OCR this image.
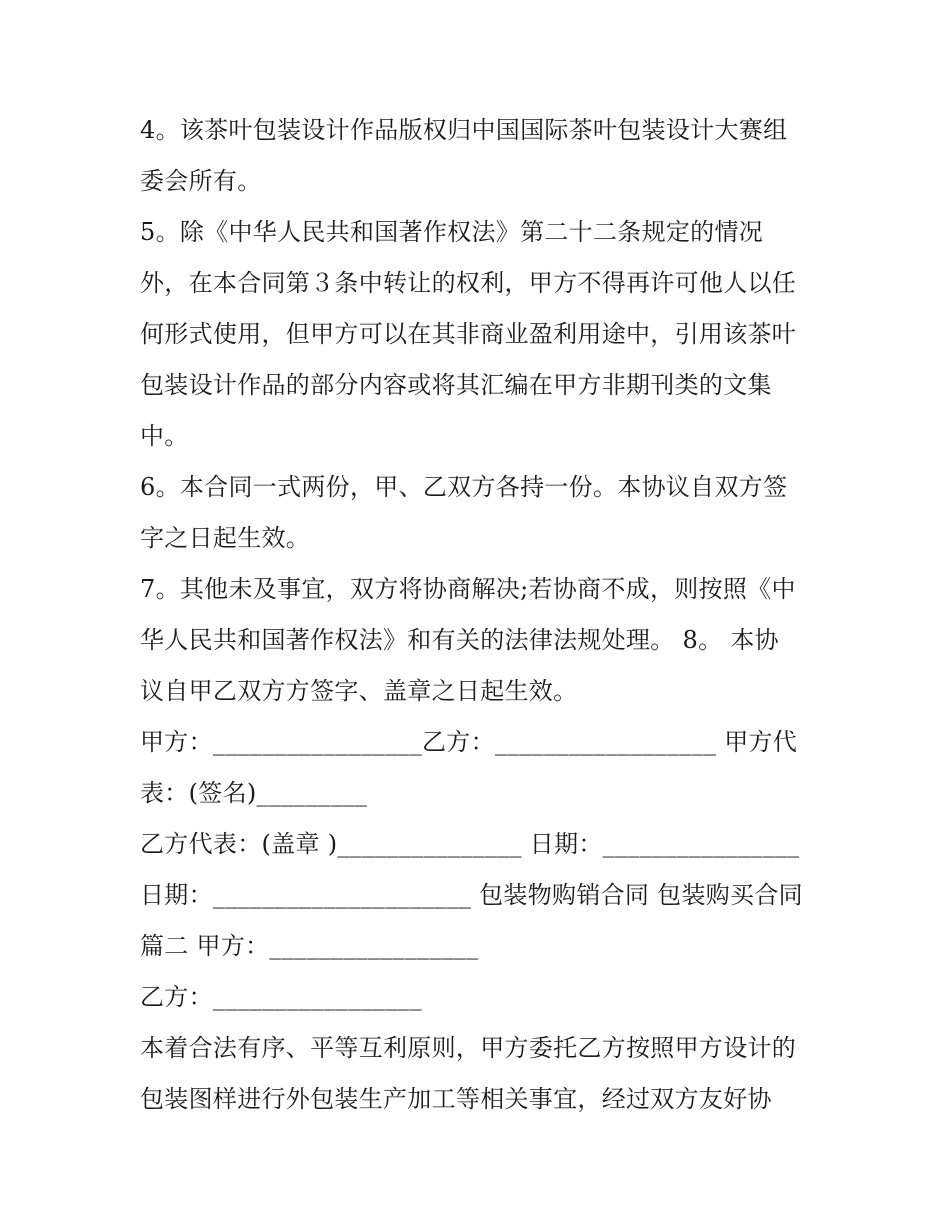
4。该茶叶包装设计作品版权归中国国际茶叶包装设计大赛组
委会所有。
5。除《中华人民共和国著作权法》第二十二条规定的情况
外，在本合同第３条中转让的权利，甲方不得再许可他人以任
何形式使用，但甲方可以在其非商业盈利用途中，引用该茶叶
包装设计作品的部分内容或将其汇编在甲方非期刊类的文集
中。
6。本合同一式两份，甲、乙双方各持一份。本协议自双方签
字之日起生效。
7。其他未及事宜，双方将协商解决;若协商不成，则按照《中
华人民共和国著作权法》和有关的法律法规处理。 8。 本协
议自甲乙双方方签字、盖章之日起生效。
甲方：_________________乙方：__________________ 甲方代
表：(签名)_________
乙方代表：(盖章 )_______________ 日期：________________
日期：_____________________ 包装物购销合同 包装购买合同
篇二 甲方：_________________
乙方：_________________
本着合法有序、平等互利原则，甲方委托乙方按照甲方设计的
包装图样进行外包装生产加工等相关事宜，经过双方友好协
